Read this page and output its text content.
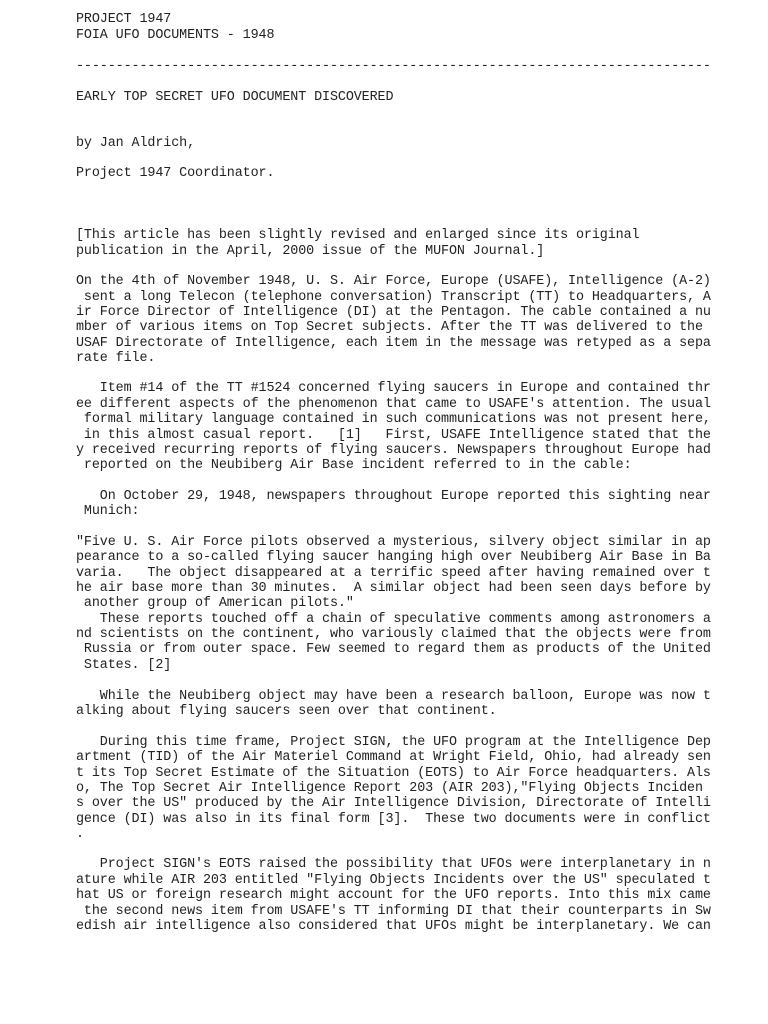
PROJECT 1947
FOIA UFO DOCUMENTS - 1948
--------------------------------------------------------------------------------
EARLY TOP SECRET UFO DOCUMENT DISCOVERED
by Jan Aldrich,
Project 1947 Coordinator.
[This article has been slightly revised and enlarged since its original
publication in the April, 2000 issue of the MUFON Journal.]
On the 4th of November 1948, U. S. Air Force, Europe (USAFE), Intelligence (A-2)
sent a long Telecon (telephone conversation) Transcript (TT) to Headquarters, A
ir Force Director of Intelligence (DI) at the Pentagon. The cable contained a nu
mber of various items on Top Secret subjects. After the TT was delivered to the
USAF Directorate of Intelligence, each item in the message was retyped as a sepa
rate file.
Item #14 of the TT #1524 concerned flying saucers in Europe and contained thr
ee different aspects of the phenomenon that came to USAFE's attention. The usual
formal military language contained in such communications was not present here,
in this almost casual report.   [1]   First, USAFE Intelligence stated that the
y received recurring reports of flying saucers. Newspapers throughout Europe had
reported on the Neubiberg Air Base incident referred to in the cable:
On October 29, 1948, newspapers throughout Europe reported this sighting near
Munich:
"Five U. S. Air Force pilots observed a mysterious, silvery object similar in ap
pearance to a so-called flying saucer hanging high over Neubiberg Air Base in Ba
varia.   The object disappeared at a terrific speed after having remained over t
he air base more than 30 minutes.  A similar object had been seen days before by
another group of American pilots."
These reports touched off a chain of speculative comments among astronomers a
nd scientists on the continent, who variously claimed that the objects were from
Russia or from outer space. Few seemed to regard them as products of the United
States. [2]
While the Neubiberg object may have been a research balloon, Europe was now t
alking about flying saucers seen over that continent.
During this time frame, Project SIGN, the UFO program at the Intelligence Dep
artment (TID) of the Air Materiel Command at Wright Field, Ohio, had already sen
t its Top Secret Estimate of the Situation (EOTS) to Air Force headquarters. Als
o, The Top Secret Air Intelligence Report 203 (AIR 203),"Flying Objects Inciden
s over the US" produced by the Air Intelligence Division, Directorate of Intelli
gence (DI) was also in its final form [3].  These two documents were in conflict
.
Project SIGN's EOTS raised the possibility that UFOs were interplanetary in n
ature while AIR 203 entitled "Flying Objects Incidents over the US" speculated t
hat US or foreign research might account for the UFO reports. Into this mix came
the second news item from USAFE's TT informing DI that their counterparts in Sw
edish air intelligence also considered that UFOs might be interplanetary. We can
